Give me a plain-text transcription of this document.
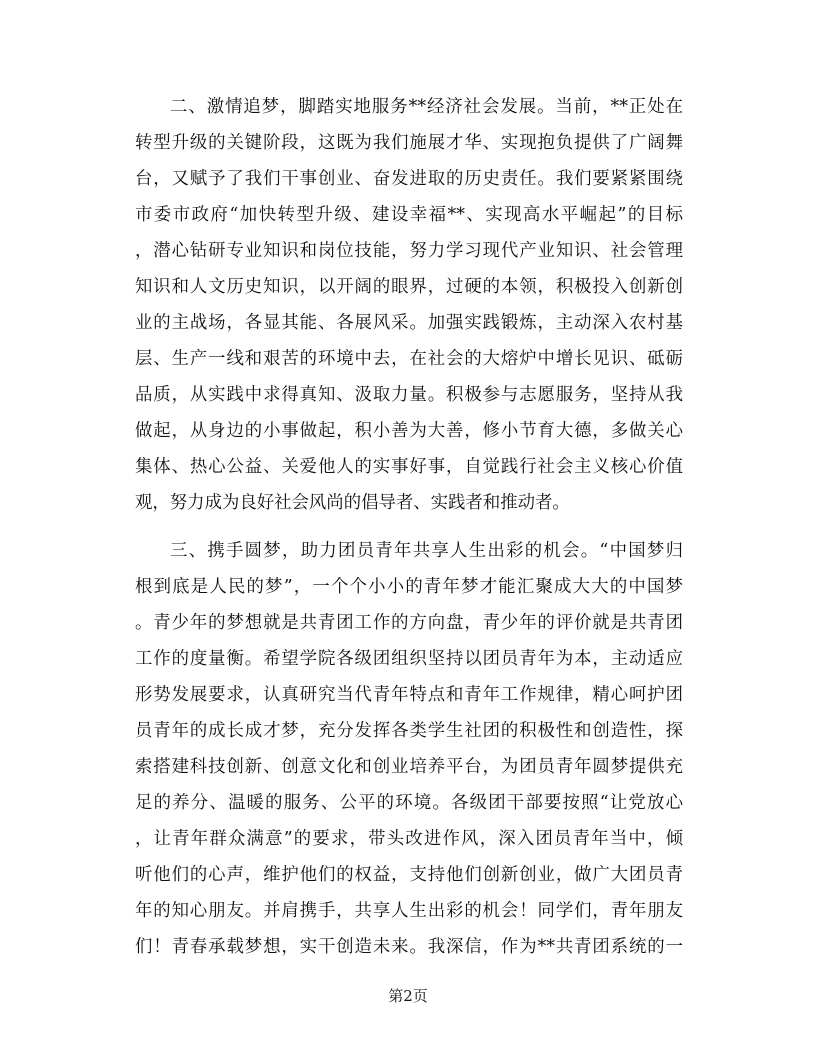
二、激情追梦，脚踏实地服务**经济社会发展。当前，**正处在
转型升级的关键阶段，这既为我们施展才华、实现抱负提供了广阔舞
台，又赋予了我们干事创业、奋发进取的历史责任。我们要紧紧围绕
市委市政府“加快转型升级、建设幸福**、实现高水平崛起”的目标
，潜心钻研专业知识和岗位技能，努力学习现代产业知识、社会管理
知识和人文历史知识，以开阔的眼界，过硬的本领，积极投入创新创
业的主战场，各显其能、各展风采。加强实践锻炼，主动深入农村基
层、生产一线和艰苦的环境中去，在社会的大熔炉中增长见识、砥砺
品质，从实践中求得真知、汲取力量。积极参与志愿服务，坚持从我
做起，从身边的小事做起，积小善为大善，修小节育大德，多做关心
集体、热心公益、关爱他人的实事好事，自觉践行社会主义核心价值
观，努力成为良好社会风尚的倡导者、实践者和推动者。
三、携手圆梦，助力团员青年共享人生出彩的机会。“中国梦归
根到底是人民的梦”，一个个小小的青年梦才能汇聚成大大的中国梦
。青少年的梦想就是共青团工作的方向盘，青少年的评价就是共青团
工作的度量衡。希望学院各级团组织坚持以团员青年为本，主动适应
形势发展要求，认真研究当代青年特点和青年工作规律，精心呵护团
员青年的成长成才梦，充分发挥各类学生社团的积极性和创造性，探
索搭建科技创新、创意文化和创业培养平台，为团员青年圆梦提供充
足的养分、温暖的服务、公平的环境。各级团干部要按照“让党放心
，让青年群众满意”的要求，带头改进作风，深入团员青年当中，倾
听他们的心声，维护他们的权益，支持他们创新创业，做广大团员青
年的知心朋友。并肩携手，共享人生出彩的机会！同学们，青年朋友
们！青春承载梦想，实干创造未来。我深信，作为**共青团系统的一
第2页
